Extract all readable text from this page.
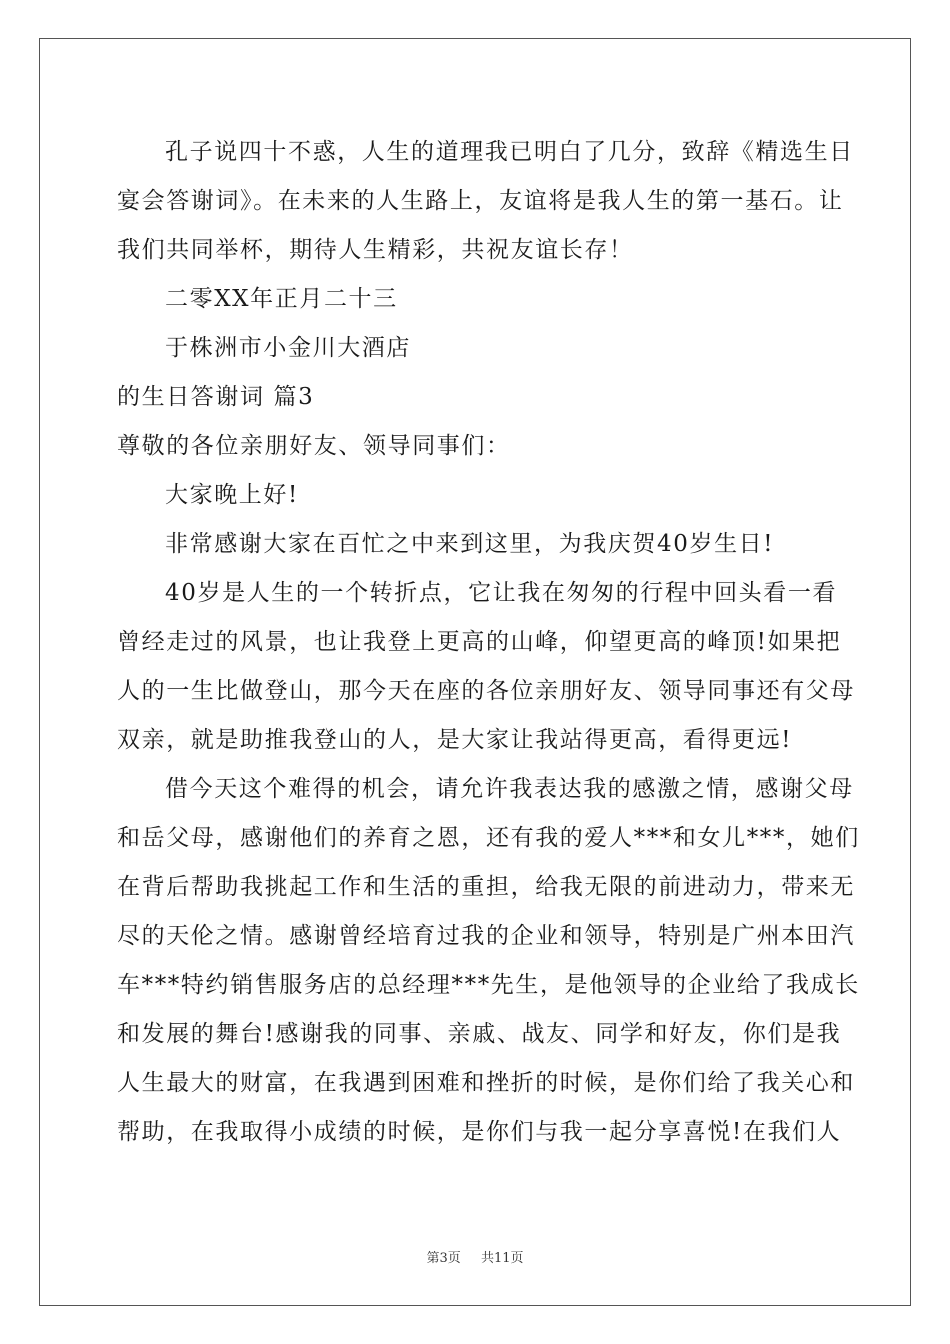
孔子说四十不惑，人生的道理我已明白了几分，致辞《精选生日
宴会答谢词》。在未来的人生路上，友谊将是我人生的第一基石。让
我们共同举杯，期待人生精彩，共祝友谊长存！
二零XX年正月二十三
于株洲市小金川大酒店
的生日答谢词 篇3
尊敬的各位亲朋好友、领导同事们：
大家晚上好!
非常感谢大家在百忙之中来到这里，为我庆贺40岁生日!
40岁是人生的一个转折点，它让我在匆匆的行程中回头看一看
曾经走过的风景，也让我登上更高的山峰，仰望更高的峰顶!如果把
人的一生比做登山，那今天在座的各位亲朋好友、领导同事还有父母
双亲，就是助推我登山的人，是大家让我站得更高，看得更远!
借今天这个难得的机会，请允许我表达我的感激之情，感谢父母
和岳父母，感谢他们的养育之恩，还有我的爱人***和女儿***，她们
在背后帮助我挑起工作和生活的重担，给我无限的前进动力，带来无
尽的天伦之情。感谢曾经培育过我的企业和领导，特别是广州本田汽
车***特约销售服务店的总经理***先生，是他领导的企业给了我成长
和发展的舞台!感谢我的同事、亲戚、战友、同学和好友，你们是我
人生最大的财富，在我遇到困难和挫折的时候，是你们给了我关心和
帮助，在我取得小成绩的时候，是你们与我一起分享喜悦!在我们人
第3页 共11页
